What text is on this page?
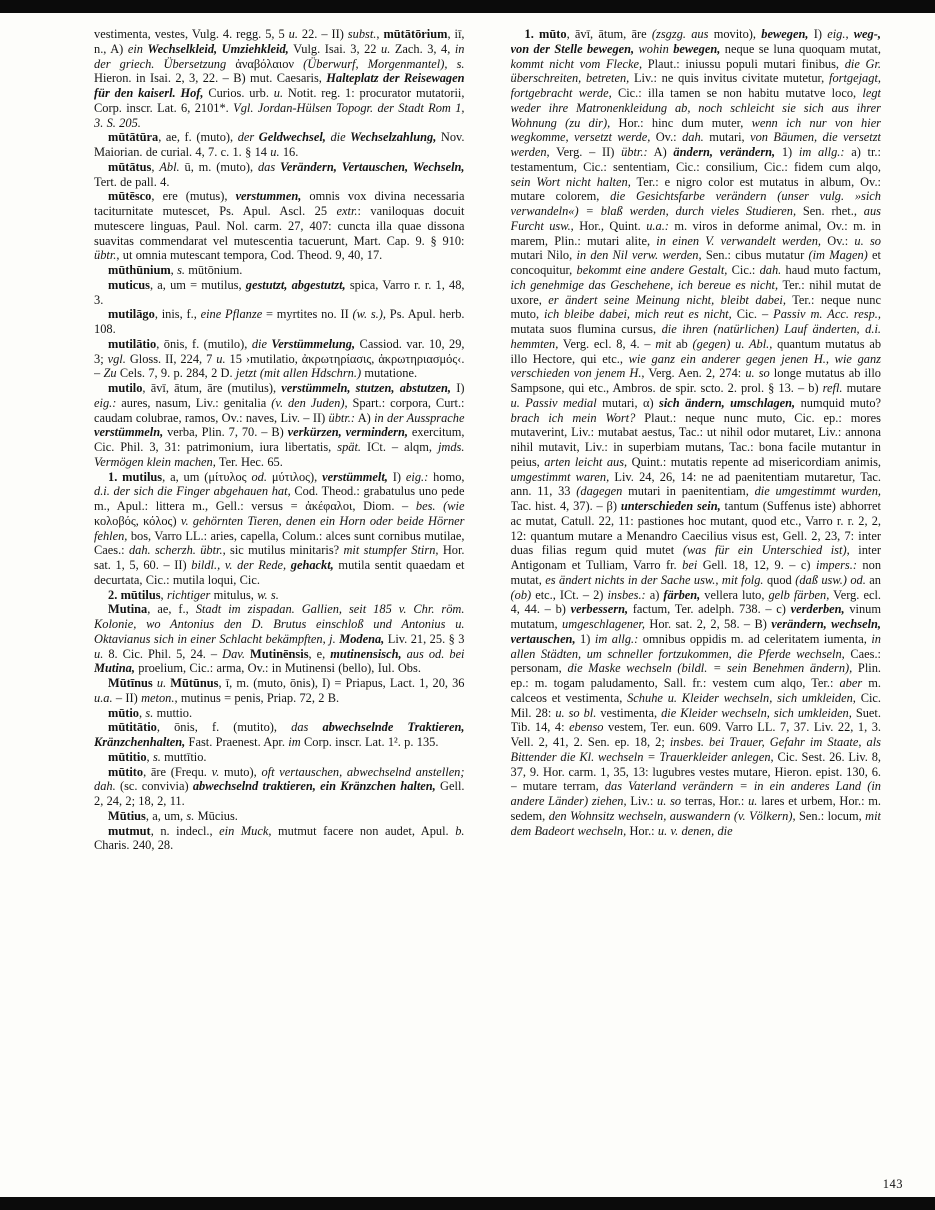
vestimenta, vestes, Vulg. 4. regg. 5, 5 u. 22. – II) subst., mūtātōrium, iī, n., A) ein Wechselkleid, Umziehkleid, Vulg. Isai. 3, 22 u. Zach. 3, 4, in der griech. Übersetzung ἀναβόλαιον (Überwurf, Morgenmantel), s. Hieron. in Isai. 2, 3, 22. – B) mut. Caesaris, Halteplatz der Reisewagen für den kaiserl. Hof, Curios. urb. u. Notit. reg. 1: procurator mutatorii, Corp. inscr. Lat. 6, 2101*. Vgl. Jordan-Hülsen Topogr. der Stadt Rom 1, 3. S. 205.

mūtātūra, ae, f. (muto), der Geldwechsel, die Wechselzahlung, Nov. Maiorian. de curial. 4, 7. c. 1. § 14 u. 16.

mūtātus, Abl. ū, m. (muto), das Verändern, Vertauschen, Wechseln, Tert. de pall. 4.

mūtēsco, ere (mutus), verstummen, omnis vox divina necessaria taciturnitate mutescet, Ps. Apul. Ascl. 25 extr.: vaniloquas docuit mutescere linguas, Paul. Nol. carm. 27, 407: cuncta illa quae dissona suavitas commendarat vel mutescentia tacuerunt, Mart. Cap. 9. § 910: übtr., ut omnia mutescant tempora, Cod. Theod. 9, 40, 17.

mūthūnium, s. mūtōnium.

muticus, a, um = mutilus, gestutzt, abgestutzt, spica, Varro r. r. 1, 48, 3.

mutilāgo, inis, f., eine Pflanze = myrtites no. II (w. s.), Ps. Apul. herb. 108.

mutilātio, ōnis, f. (mutilo), die Verstümmelung, Cassiod. var. 10, 29, 3; vgl. Gloss. II, 224, 7 u. 15 ›mutilatio, ἀκρωτηρίασις, ἀκρωτηριασμός‹. – Zu Cels. 7, 9. p. 284, 2 D. jetzt (mit allen Hdschrn.) mutatione.

mutilo, āvī, ātum, āre (mutilus), verstümmeln, stutzen, abstutzen, I) eig.: aures, nasum, Liv.: genitalia (v. den Juden), Spart.: corpora, Curt.: caudam colubrae, ramos, Ov.: naves, Liv. – II) übtr.: A) in der Aussprache verstümmeln, verba, Plin. 7, 70. – B) verkürzen, vermindern, exercitum, Cic. Phil. 3, 31: patrimonium, iura libertatis, spät. ICt. – alqm, jmds. Vermögen klein machen, Ter. Hec. 65.

1. mutilus, a, um (μίτυλος od. μύτιλος), verstümmelt, I) eig.: homo, d.i. der sich die Finger abgehauen hat, Cod. Theod.: grabatulus uno pede m., Apul.: littera m., Gell.: versus = ἀκέφαλοι, Diom. – bes. (wie κολοβός, κόλος) v. gehörnten Tieren, denen ein Horn oder beide Hörner fehlen, bos, Varro LL.: aries, capella, Colum.: alces sunt cornibus mutilae, Caes.: dah. scherzh. übtr., sic mutilus minitaris? mit stumpfer Stirn, Hor. sat. 1, 5, 60. – II) bildl., v. der Rede, gehackt, mutila sentit quaedam et decurtata, Cic.: mutila loqui, Cic.

2. mūtilus, richtiger mitulus, w. s.

Mutina, ae, f., Stadt im zispadan. Gallien, seit 185 v. Chr. röm. Kolonie, wo Antonius den D. Brutus einschloß und Antonius u. Oktavianus sich in einer Schlacht bekämpften, j. Modena, Liv. 21, 25. § 3 u. 8. Cic. Phil. 5, 24. – Dav. Mutinēnsis, e, mutinensisch, aus od. bei Mutina, proelium, Cic.: arma, Ov.: in Mutinensi (bello), Iul. Obs.

Mūtīnus u. Mūtūnus, ī, m. (muto, ōnis), I) = Priapus, Lact. 1, 20, 36 u.a. – II) meton., mutinus = penis, Priap. 72, 2 B.

mūtio, s. muttio.

mūtitātio, ōnis, f. (mutito), das abwechselnde Traktieren, Kränzchenhalten, Fast. Praenest. Apr. im Corp. inscr. Lat. 1². p. 135.

mūtitio, s. muttītio.

mūtito, āre (Frequ. v. muto), oft vertauschen, abwechselnd anstellen; dah. (sc. convivia) abwechselnd traktieren, ein Kränzchen halten, Gell. 2, 24, 2; 18, 2, 11.

Mūtius, a, um, s. Mūcius.

mutmut, n. indecl., ein Muck, mutmut facere non audet, Apul. b. Charis. 240, 28.

1. mūto, āvī, ātum, āre (zsgzg. aus movito), bewegen, I) eig., weg-, von der Stelle bewegen, wohin bewegen, neque se luna quoquam mutat, kommt nicht vom Flecke, Plaut.: iniussu populi mutari finibus, die Gr. überschreiten, betreten, Liv.: ne quis invitus civitate mutetur, fortgejagt, fortgebracht werde, Cic.: illa tamen se non habitu mutatve loco, legt weder ihre Matronenkleidung ab, noch schleicht sie sich aus ihrer Wohnung (zu dir), Hor.: hinc dum muter, wenn ich nur von hier wegkomme, versetzt werde, Ov.: dah. mutari, von Bäumen, die versetzt werden, Verg. – II) übtr.: A) ändern, verändern, 1) im allg.: a) tr.: testamentum, Cic.: sententiam, Cic.: consilium, Cic.: fidem cum alqo, sein Wort nicht halten, Ter.: e nigro color est mutatus in album, Ov.: mutare colorem, die Gesichtsfarbe verändern (unser vulg. »sich verwandeln«) = blaß werden, durch vieles Studieren, Sen. rhet., aus Furcht usw., Hor., Quint. u.a.: m. viros in deforme animal, Ov.: m. in marem, Plin.: mutari alite, in einen V. verwandelt werden, Ov.: u. so mutari Nilo, in den Nil verw. werden, Sen.: cibus mutatur (im Magen) et concoquitur, bekommt eine andere Gestalt, Cic.: dah. haud muto factum, ich genehmige das Geschehene, ich bereue es nicht, Ter.: nihil mutat de uxore, er ändert seine Meinung nicht, bleibt dabei, Ter.: neque nunc muto, ich bleibe dabei, mich reut es nicht, Cic. – Passiv m. Acc. resp., mutata suos flumina cursus, die ihren (natürlichen) Lauf änderten, d.i. hemmten, Verg. ecl. 8, 4. – mit ab (gegen) u. Abl., quantum mutatus ab illo Hectore, qui etc., wie ganz ein anderer gegen jenen H., wie ganz verschieden von jenem H., Verg. Aen. 2, 274: u. so longe mutatus ab illo Sampsone, qui etc., Ambros. de spir. scto. 2. prol. § 13. – b) refl. mutare u. Passiv medial mutari, α) sich ändern, umschlagen, numquid muto? brach ich mein Wort? Plaut.: neque nunc muto, Cic. ep.: mores mutaverint, Liv.: mutabat aestus, Tac.: ut nihil odor mutaret, Liv.: annona nihil mutavit, Liv.: in superbiam mutans, Tac.: bona facile mutantur in peius, arten leicht aus, Quint.: mutatis repente ad misericordiam animis, umgestimmt waren, Liv. 24, 26, 14: ne ad paenitentiam mutaretur, Tac. ann. 11, 33 (dagegen mutari in paenitentiam, die umgestimmt wurden, Tac. hist. 4, 37). – β) unterschieden sein, tantum (Suffenus iste) abhorret ac mutat, Catull. 22, 11: pastiones hoc mutant, quod etc., Varro r. r. 2, 2, 12: quantum mutare a Menandro Caecilius visus est, Gell. 2, 23, 7: inter duas filias regum quid mutet (was für ein Unterschied ist), inter Antigonam et Tulliam, Varro fr. bei Gell. 18, 12, 9. – c) impers.: non mutat, es ändert nichts in der Sache usw., mit folg. quod (daß usw.) od. an (ob) etc., ICt. – 2) insbes.: a) färben, vellera luto, gelb färben, Verg. ecl. 4, 44. – b) verbessern, factum, Ter. adelph. 738. – c) verderben, vinum mutatum, umgeschlagener, Hor. sat. 2, 2, 58. – B) verändern, wechseln, vertauschen, 1) im allg.: omnibus oppidis m. ad celeritatem iumenta, in allen Städten, um schneller fortzukommen, die Pferde wechseln, Caes.: personam, die Maske wechseln (bildl. = sein Benehmen ändern), Plin. ep.: m. togam paludamento, Sall. fr.: vestem cum alqo, Ter.: aber m. calceos et vestimenta, Schuhe u. Kleider wechseln, sich umkleiden, Cic. Mil. 28: u. so bl. vestimenta, die Kleider wechseln, sich umkleiden, Suet. Tib. 14, 4: ebenso vestem, Ter. eun. 609. Varro LL. 7, 37. Liv. 22, 1, 3. Vell. 2, 41, 2. Sen. ep. 18, 2; insbes. bei Trauer, Gefahr im Staate, als Bittender die Kl. wechseln = Trauerkleider anlegen, Cic. Sest. 26. Liv. 8, 37, 9. Hor. carm. 1, 35, 13: lugubres vestes mutare, Hieron. epist. 130, 6. – mutare terram, das Vaterland verändern = in ein anderes Land (in andere Länder) ziehen, Liv.: u. so terras, Hor.: u. lares et urbem, Hor.: m. sedem, den Wohnsitz wechseln, auswandern (v. Völkern), Sen.: locum, mit dem Badeort wechseln, Hor.: u. v. denen, die

143
